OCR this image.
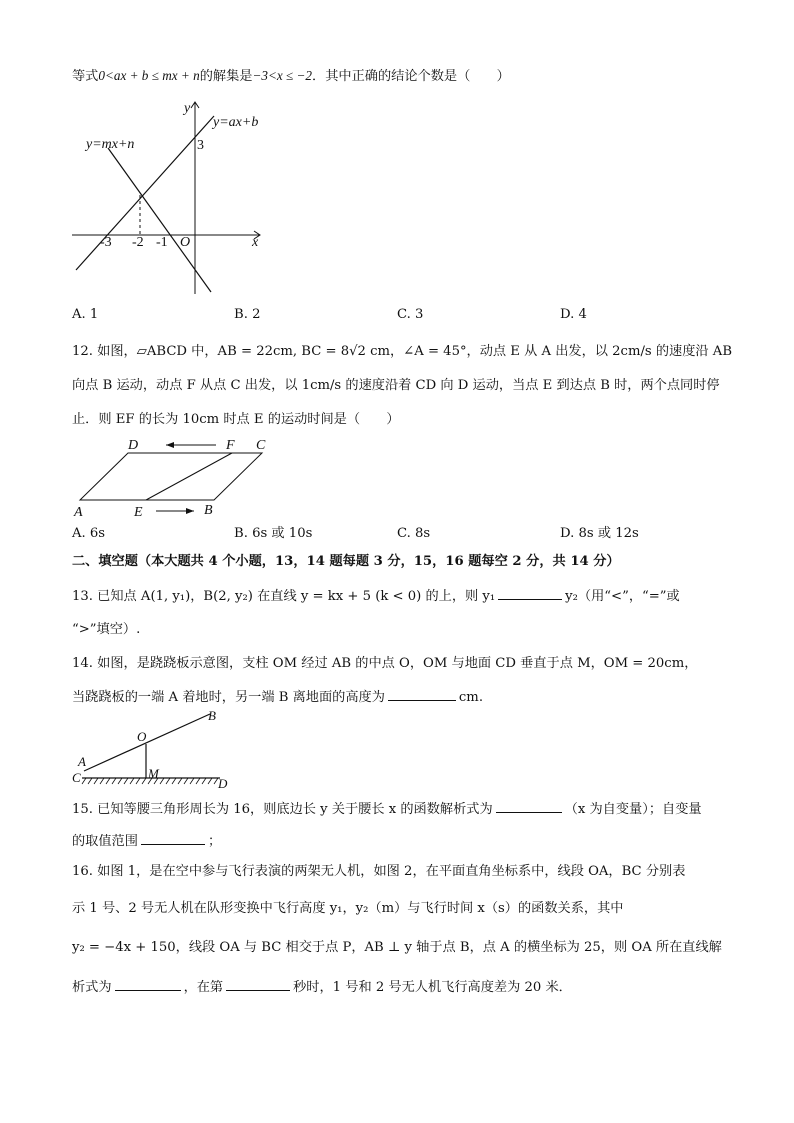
等式0<ax + b ≤ mx + n的解集是−3<x ≤ −2．其中正确的结论个数是（　　）
y
x
y=ax+b
y=mx+n	3
O
-3 -2 -1
A. 1	B. 2	C. 3	D. 4
12. 如图，▱ABCD 中，AB = 22cm, BC = 8√2 cm，∠A = 45°，动点 E 从 A 出发，以 2cm/s 的速度沿 AB
向点 B 运动，动点 F 从点 C 出发，以 1cm/s 的速度沿着 CD 向 D 运动，当点 E 到达点 B 时，两个点同时停
止．则 EF 的长为 10cm 时点 E 的运动时间是（　　）
D	F C
A	E	B
A. 6s	B. 6s 或 10s	C. 8s	D. 8s 或 12s
二、填空题（本大题共 4 个小题，13，14 题每题 3 分，15，16 题每空 2 分，共 14 分）
13. 已知点 A(1, y₁)，B(2, y₂) 在直线 y = kx + 5 (k < 0) 的上，则 y₁	y₂（用“<”，“=”或
“>”填空）.
14. 如图，是跷跷板示意图，支柱 OM 经过 AB 的中点 O，OM 与地面 CD 垂直于点 M，OM = 20cm，
当跷跷板的一端 A 着地时，另一端 B 离地面的高度为	cm.
A
C
O
M
B
D
15. 已知等腰三角形周长为 16，则底边长 y 关于腰长 x 的函数解析式为	（x 为自变量）；自变量
的取值范围	；
16. 如图 1，是在空中参与飞行表演的两架无人机，如图 2，在平面直角坐标系中，线段 OA，BC 分别表
示 1 号、2 号无人机在队形变换中飞行高度 y₁，y₂（m）与飞行时间 x（s）的函数关系，其中
y₂ = −4x + 150，线段 OA 与 BC 相交于点 P，AB ⊥ y 轴于点 B，点 A 的横坐标为 25，则 OA 所在直线解
析式为	，在第	秒时，1 号和 2 号无人机飞行高度差为 20 米．
